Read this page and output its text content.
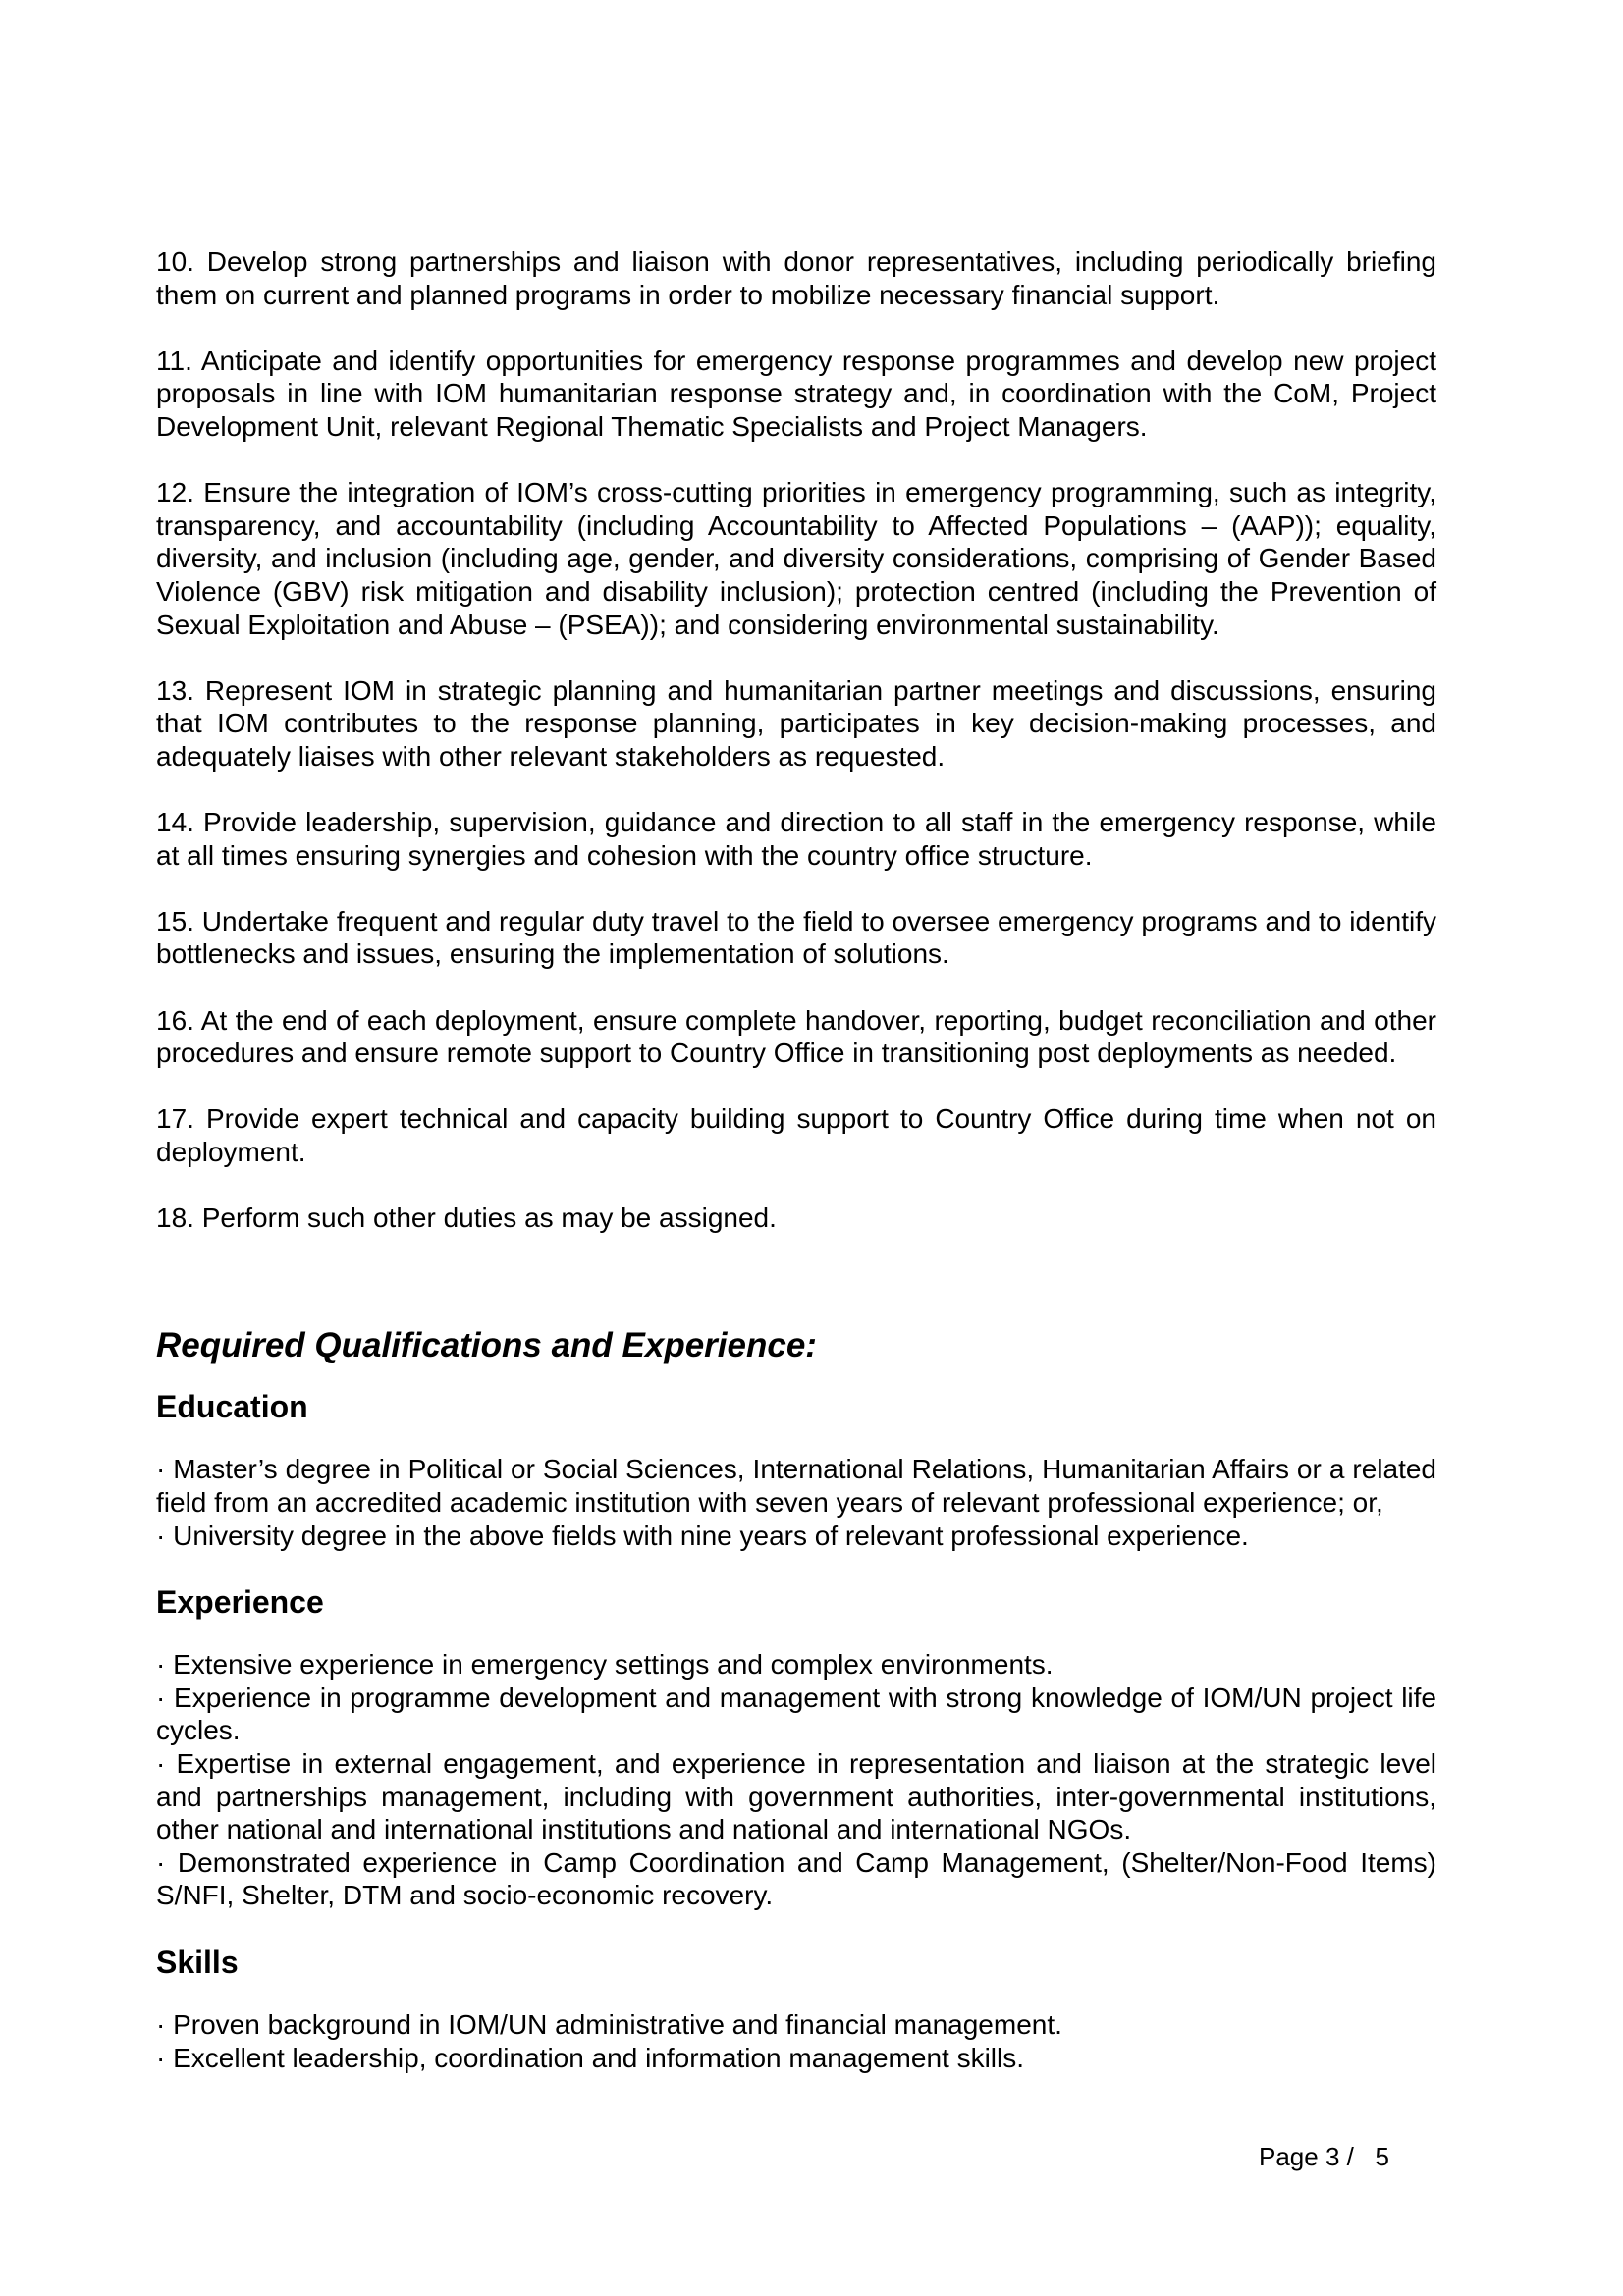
10. Develop strong partnerships and liaison with donor representatives, including periodically briefing them on current and planned programs in order to mobilize necessary financial support.

11. Anticipate and identify opportunities for emergency response programmes and develop new project proposals in line with IOM humanitarian response strategy and, in coordination with the CoM, Project Development Unit, relevant Regional Thematic Specialists and Project Managers.

12. Ensure the integration of IOM’s cross-cutting priorities in emergency programming, such as integrity, transparency, and accountability (including Accountability to Affected Populations – (AAP)); equality, diversity, and inclusion (including age, gender, and diversity considerations, comprising of Gender Based Violence (GBV) risk mitigation and disability inclusion); protection centred (including the Prevention of Sexual Exploitation and Abuse – (PSEA)); and considering environmental sustainability.

13. Represent IOM in strategic planning and humanitarian partner meetings and discussions, ensuring that IOM contributes to the response planning, participates in key decision-making processes, and adequately liaises with other relevant stakeholders as requested.

14. Provide leadership, supervision, guidance and direction to all staff in the emergency response, while at all times ensuring synergies and cohesion with the country office structure.

15. Undertake frequent and regular duty travel to the field to oversee emergency programs and to identify bottlenecks and issues, ensuring the implementation of solutions.

16. At the end of each deployment, ensure complete handover, reporting, budget reconciliation and other procedures and ensure remote support to Country Office in transitioning post deployments as needed.

17. Provide expert technical and capacity building support to Country Office during time when not on deployment.

18. Perform such other duties as may be assigned.

Required Qualifications and Experience:
Education
· Master’s degree in Political or Social Sciences, International Relations, Humanitarian Affairs or a related field from an accredited academic institution with seven years of relevant professional experience; or,
· University degree in the above fields with nine years of relevant professional experience.
Experience
· Extensive experience in emergency settings and complex environments.
· Experience in programme development and management with strong knowledge of IOM/UN project life cycles.
· Expertise in external engagement, and experience in representation and liaison at the strategic level and partnerships management, including with government authorities, inter-governmental institutions, other national and international institutions and national and international NGOs.
· Demonstrated experience in Camp Coordination and Camp Management, (Shelter/Non-Food Items) S/NFI, Shelter, DTM and socio-economic recovery.
Skills
· Proven background in IOM/UN administrative and financial management.
· Excellent leadership, coordination and information management skills.
Page 3 /   5
